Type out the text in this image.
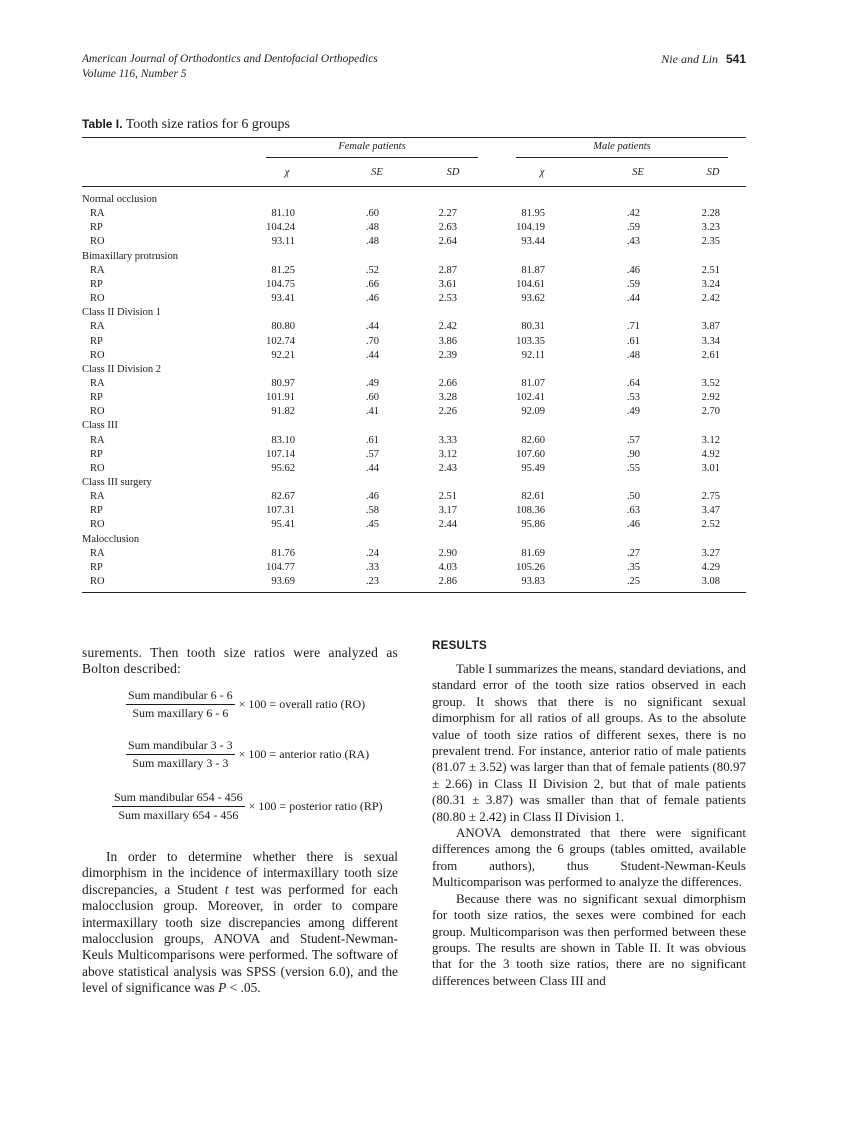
American Journal of Orthodontics and Dentofacial Orthopedics
Volume 116, Number 5
Nie and Lin 541
Table I. Tooth size ratios for 6 groups
Female patients	Male patients
χ	SE	SD	χ	SE	SD
Normal occlusion
RA	81.10	.60	2.27	81.95	.42	2.28
RP	104.24	.48	2.63	104.19	.59	3.23
RO	93.11	.48	2.64	93.44	.43	2.35
Bimaxillary protrusion
RA	81.25	.52	2.87	81.87	.46	2.51
RP	104.75	.66	3.61	104.61	.59	3.24
RO	93.41	.46	2.53	93.62	.44	2.42
Class II Division 1
RA	80.80	.44	2.42	80.31	.71	3.87
RP	102.74	.70	3.86	103.35	.61	3.34
RO	92.21	.44	2.39	92.11	.48	2.61
Class II Division 2
RA	80.97	.49	2.66	81.07	.64	3.52
RP	101.91	.60	3.28	102.41	.53	2.92
RO	91.82	.41	2.26	92.09	.49	2.70
Class III
RA	83.10	.61	3.33	82.60	.57	3.12
RP	107.14	.57	3.12	107.60	.90	4.92
RO	95.62	.44	2.43	95.49	.55	3.01
Class III surgery
RA	82.67	.46	2.51	82.61	.50	2.75
RP	107.31	.58	3.17	108.36	.63	3.47
RO	95.41	.45	2.44	95.86	.46	2.52
Malocclusion
RA	81.76	.24	2.90	81.69	.27	3.27
RP	104.77	.33	4.03	105.26	.35	4.29
RO	93.69	.23	2.86	93.83	.25	3.08

surements. Then tooth size ratios were analyzed as Bolton described:

$\frac{\text{Sum mandibular 6 - 6}}{\text{Sum maxillary 6 - 6}} \times 100$ = overall ratio (RO)
$\frac{\text{Sum mandibular 3 - 3}}{\text{Sum maxillary 3 - 3}} \times 100$ = anterior ratio (RA)
$\frac{\text{Sum mandibular 654 - 456}}{\text{Sum maxillary 654 - 456}} \times 100$ = posterior ratio (RP)

In order to determine whether there is sexual dimorphism in the incidence of intermaxillary tooth size discrepancies, a Student t test was performed for each malocclusion group. Moreover, in order to compare intermaxillary tooth size discrepancies among different malocclusion groups, ANOVA and Student-Newman-Keuls Multicomparisons were performed. The software of above statistical analysis was SPSS (version 6.0), and the level of significance was P < .05.

RESULTS

Table I summarizes the means, standard deviations, and standard error of the tooth size ratios observed in each group. It shows that there is no significant sexual dimorphism for all ratios of all groups. As to the absolute value of tooth size ratios of different sexes, there is no prevalent trend. For instance, anterior ratio of male patients (81.07 ± 3.52) was larger than that of female patients (80.97 ± 2.66) in Class II Division 2, but that of male patients (80.31 ± 3.87) was smaller than that of female patients (80.80 ± 2.42) in Class II Division 1.

ANOVA demonstrated that there were significant differences among the 6 groups (tables omitted, available from authors), thus Student-Newman-Keuls Multicomparison was performed to analyze the differences.

Because there was no significant sexual dimorphism for tooth size ratios, the sexes were combined for each group. Multicomparison was then performed between these groups. The results are shown in Table II. It was obvious that for the 3 tooth size ratios, there are no significant differences between Class III and
